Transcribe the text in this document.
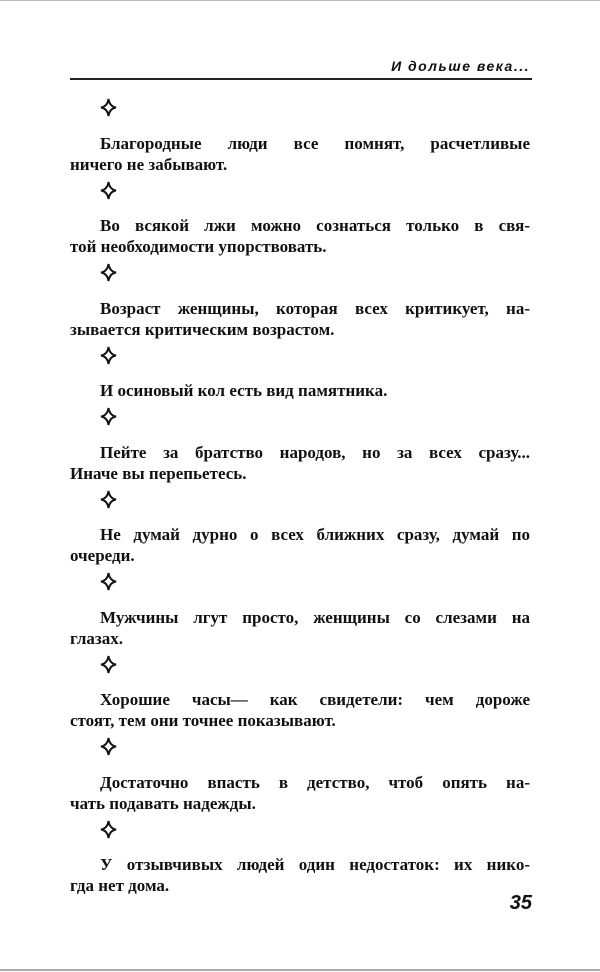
И дольше века...
Благородные люди все помнят, расчетливые
ничего не забывают.
Во всякой лжи можно сознаться только в свя-
той необходимости упорствовать.
Возраст женщины, которая всех критикует, на-
зывается критическим возрастом.
И осиновый кол есть вид памятника.
Пейте за братство народов, но за всех сразу...
Иначе вы перепьетесь.
Не думай дурно о всех ближних сразу, думай по
очереди.
Мужчины лгут просто, женщины со слезами на
глазах.
Хорошие часы— как свидетели: чем дороже
стоят, тем они точнее показывают.
Достаточно впасть в детство, чтоб опять на-
чать подавать надежды.
У отзывчивых людей один недостаток: их нико-
гда нет дома.
35
